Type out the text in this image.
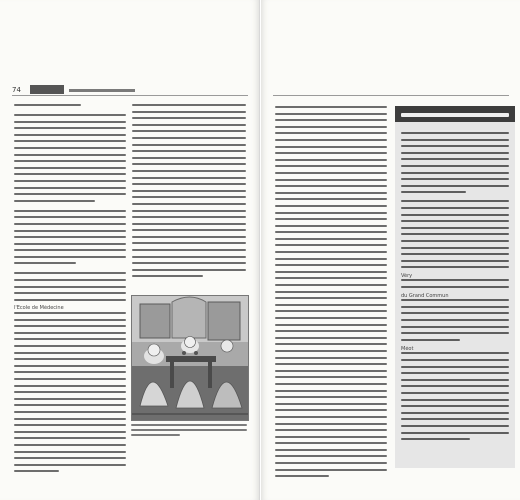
74
l'École de Médecine
Véry
du Grand Commun
Méot
